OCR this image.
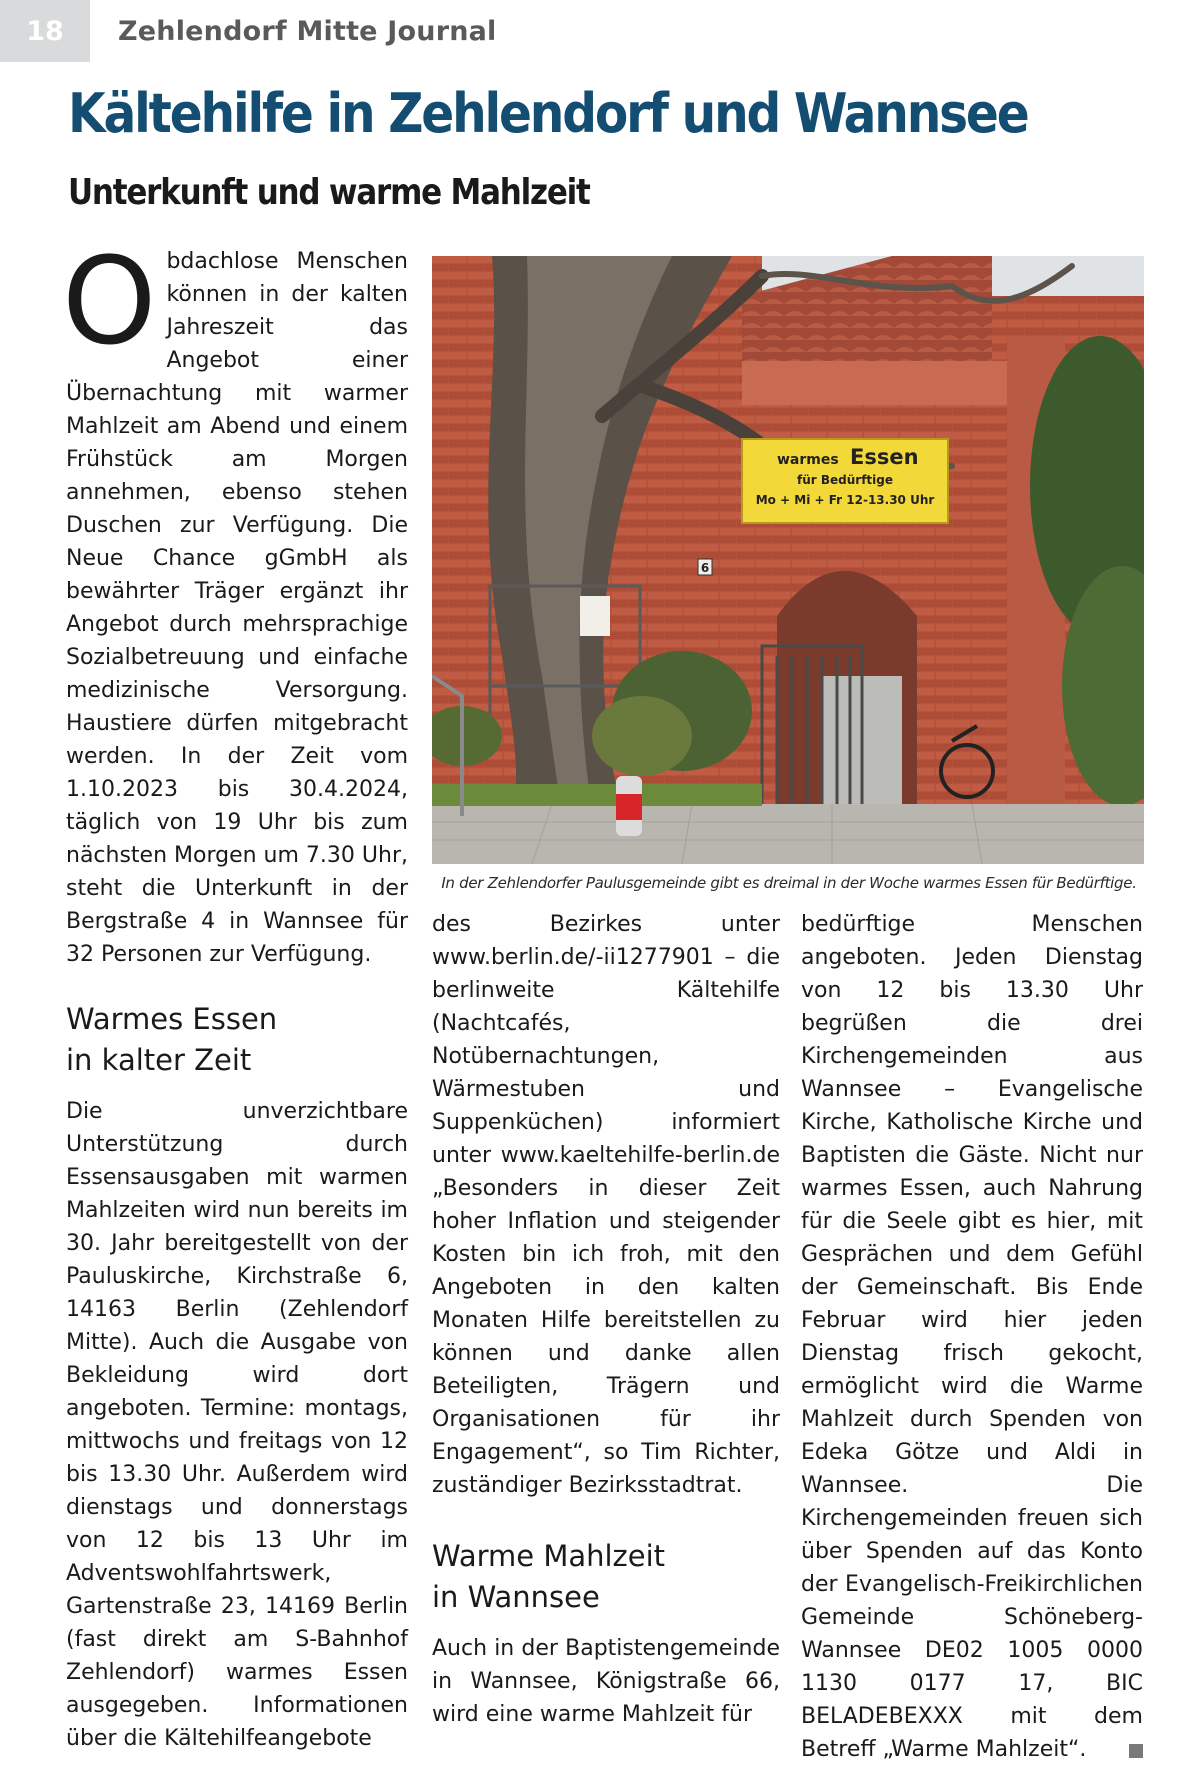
18	Zehlendorf Mitte Journal
Kältehilfe in Zehlendorf und Wannsee
Unterkunft und warme Mahlzeit
O bdachlose Menschen können in der kalten Jahreszeit das Angebot einer Übernachtung mit warmer Mahlzeit am Abend und einem Frühstück am Morgen annehmen, ebenso stehen Duschen zur Verfügung. Die Neue Chance gGmbH als bewährter Träger ergänzt ihr Angebot durch mehrsprachige Sozialbetreuung und einfache medizinische Versorgung. Haustiere dürfen mitgebracht werden. In der Zeit vom 1.10.2023 bis 30.4.2024, täglich von 19 Uhr bis zum nächsten Morgen um 7.30 Uhr, steht die Unterkunft in der Bergstraße 4 in Wannsee für 32 Personen zur Verfügung.

Warmes Essen
in kalter Zeit

Die unverzichtbare Unterstützung durch Essensausgaben mit warmen Mahlzeiten wird nun bereits im 30. Jahr bereitgestellt von der Pauluskirche, Kirchstraße 6, 14163 Berlin (Zehlendorf Mitte). Auch die Ausgabe von Bekleidung wird dort angeboten. Termine: montags, mittwochs und freitags von 12 bis 13.30 Uhr. Außerdem wird dienstags und donnerstags von 12 bis 13 Uhr im Adventswohlfahrtswerk, Gartenstraße 23, 14169 Berlin (fast direkt am S-Bahnhof Zehlendorf) warmes Essen ausgegeben. Informationen über die Kältehilfeangebote

6
warmes Essen
für Bedürftige
Mo + Mi + Fr 12-13.30 Uhr
In der Zehlendorfer Paulusgemeinde gibt es dreimal in der Woche warmes Essen für Bedürftige.

des Bezirkes unter www.berlin.de/-ii1277901 – die berlinweite Kältehilfe (Nachtcafés, Notübernachtungen, Wärmestuben und Suppenküchen) informiert unter www.kaeltehilfe-berlin.de „Besonders in dieser Zeit hoher Inflation und steigender Kosten bin ich froh, mit den Angeboten in den kalten Monaten Hilfe bereitstellen zu können und danke allen Beteiligten, Trägern und Organisationen für ihr Engagement“, so Tim Richter, zuständiger Bezirksstadtrat.

Warme Mahlzeit
in Wannsee

Auch in der Baptistengemeinde in Wannsee, Königstraße 66, wird eine warme Mahlzeit für

bedürftige Menschen angeboten. Jeden Dienstag von 12 bis 13.30 Uhr begrüßen die drei Kirchengemeinden aus Wannsee – Evangelische Kirche, Katholische Kirche und Baptisten die Gäste. Nicht nur warmes Essen, auch Nahrung für die Seele gibt es hier, mit Gesprächen und dem Gefühl der Gemeinschaft. Bis Ende Februar wird hier jeden Dienstag frisch gekocht, ermöglicht wird die Warme Mahlzeit durch Spenden von Edeka Götze und Aldi in Wannsee. Die Kirchengemeinden freuen sich über Spenden auf das Konto der Evangelisch-Freikirchlichen Gemeinde Schöneberg-Wannsee DE02 1005 0000 1130 0177 17, BIC BELADEBEXXX mit dem Betreff „Warme Mahlzeit“.
